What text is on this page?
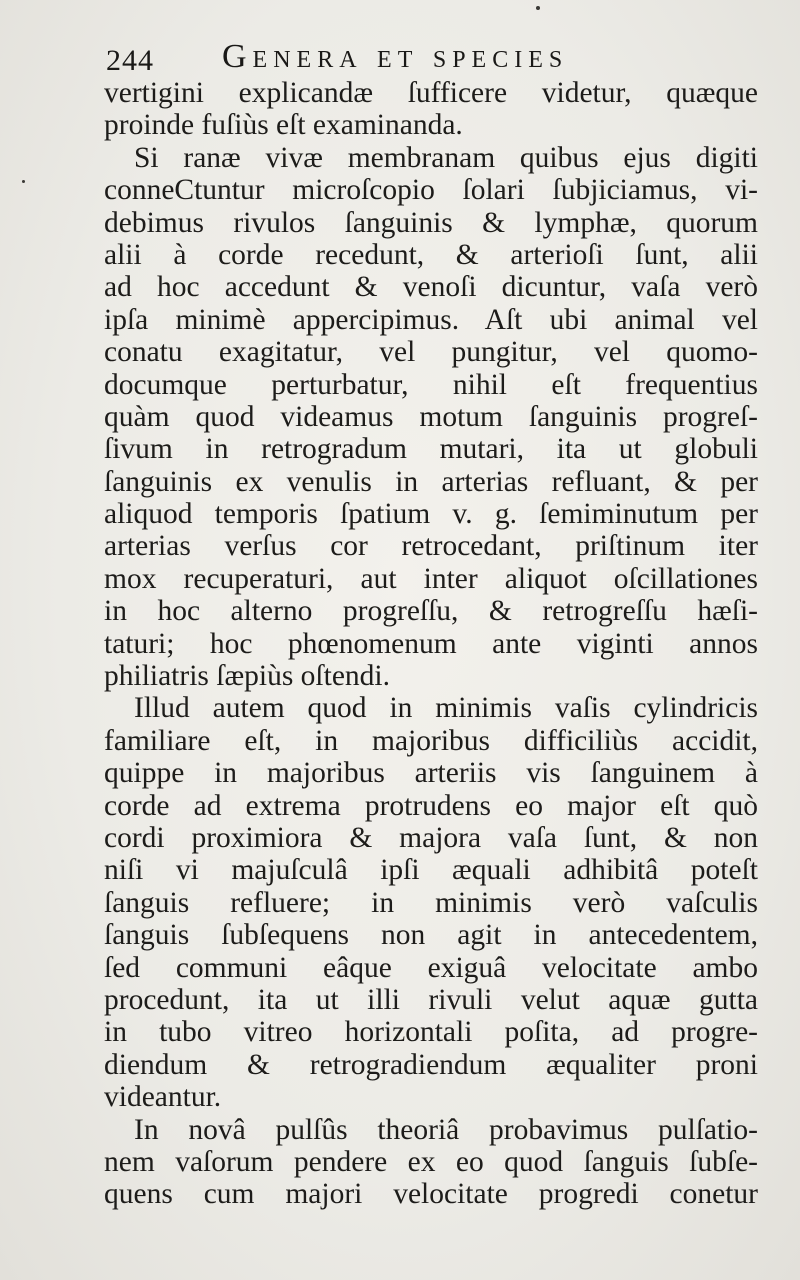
244 Genera et species
vertigini explicandæ ſufficere videtur, quæque
proinde fuſiùs eſt examinanda.
Si ranæ vivæ membranam quibus ejus digiti
conneCtuntur microſcopio ſolari ſubjiciamus, vi-
debimus rivulos ſanguinis & lymphæ, quorum
alii à corde recedunt, & arterioſi ſunt, alii
ad hoc accedunt & venoſi dicuntur, vaſa verò
ipſa minimè appercipimus. Aſt ubi animal vel
conatu exagitatur, vel pungitur, vel quomo-
documque perturbatur, nihil eſt frequentius
quàm quod videamus motum ſanguinis progreſ-
ſivum in retrogradum mutari, ita ut globuli
ſanguinis ex venulis in arterias refluant, & per
aliquod temporis ſpatium v. g. ſemiminutum per
arterias verſus cor retrocedant, priſtinum iter
mox recuperaturi, aut inter aliquot oſcillationes
in hoc alterno progreſſu, & retrogreſſu hæſi-
taturi; hoc phœnomenum ante viginti annos
philiatris ſæpiùs oſtendi.
Illud autem quod in minimis vaſis cylindricis
familiare eſt, in majoribus difficiliùs accidit,
quippe in majoribus arteriis vis ſanguinem à
corde ad extrema protrudens eo major eſt quò
cordi proximiora & majora vaſa ſunt, & non
niſi vi majuſculâ ipſi æquali adhibitâ poteſt
ſanguis refluere; in minimis verò vaſculis
ſanguis ſubſequens non agit in antecedentem,
ſed communi eâque exiguâ velocitate ambo
procedunt, ita ut illi rivuli velut aquæ gutta
in tubo vitreo horizontali poſita, ad progre-
diendum & retrogradiendum æqualiter proni
videantur.
In novâ pulſûs theoriâ probavimus pulſatio-
nem vaſorum pendere ex eo quod ſanguis ſubſe-
quens cum majori velocitate progredi conetur
